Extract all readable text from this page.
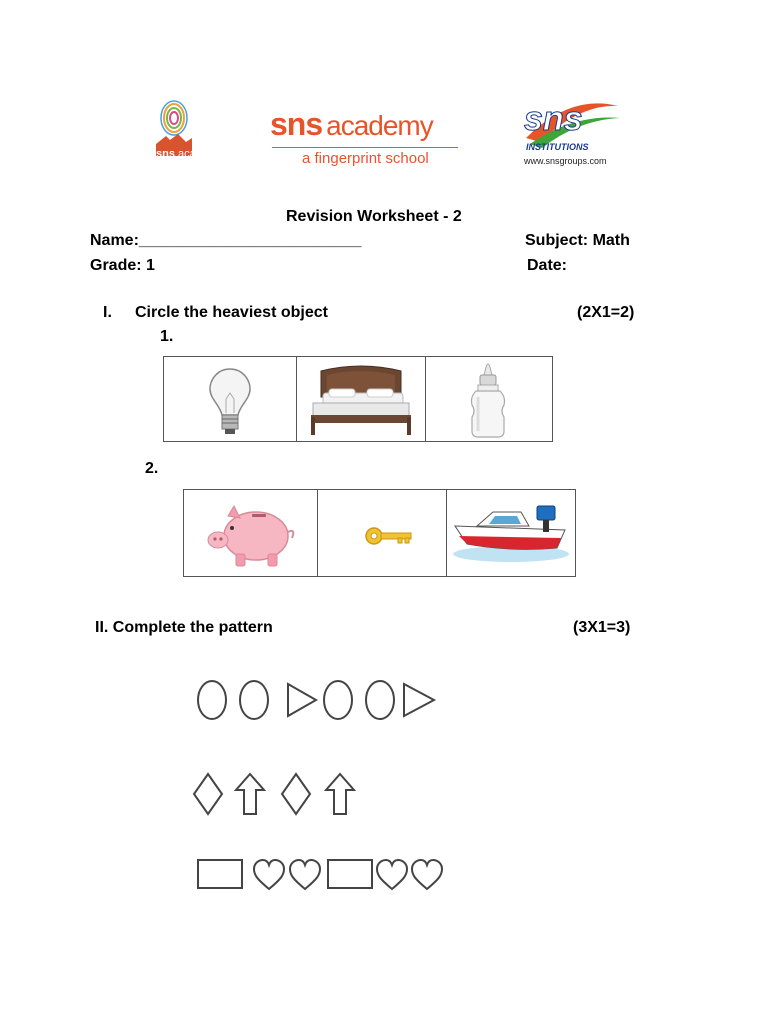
sns academy
a fingerprint school
sns academy
a fingerprint school
sns
INSTITUTIONS
www.snsgroups.com
Revision Worksheet - 2
Name:_________________________	Subject: Math
Grade: 1	Date:
I. Circle the heaviest object	(2X1=2)
1.

2.

II. Complete the pattern	(3X1=3)
